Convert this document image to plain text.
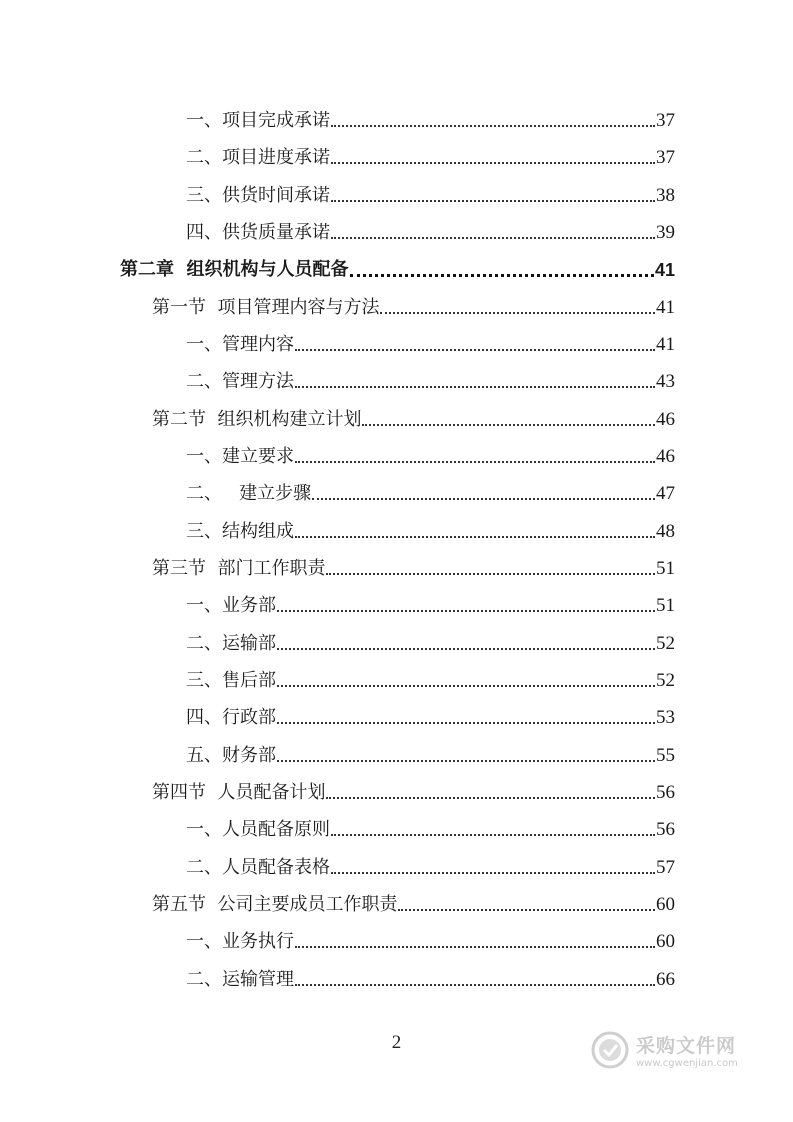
一、项目完成承诺	37
二、项目进度承诺	37
三、供货时间承诺	38
四、供货质量承诺	39
第二章  组织机构与人员配备	41
第一节  项目管理内容与方法	41
一、管理内容	41
二、管理方法	43
第二节  组织机构建立计划	46
一、建立要求	46
二、   建立步骤	47
三、结构组成	48
第三节  部门工作职责	51
一、业务部	51
二、运输部	52
三、售后部	52
四、行政部	53
五、财务部	55
第四节  人员配备计划	56
一、人员配备原则	56
二、人员配备表格	57
第五节  公司主要成员工作职责	60
一、业务执行	60
二、运输管理	66
2	采购文件网
www.cgwenjian.com
